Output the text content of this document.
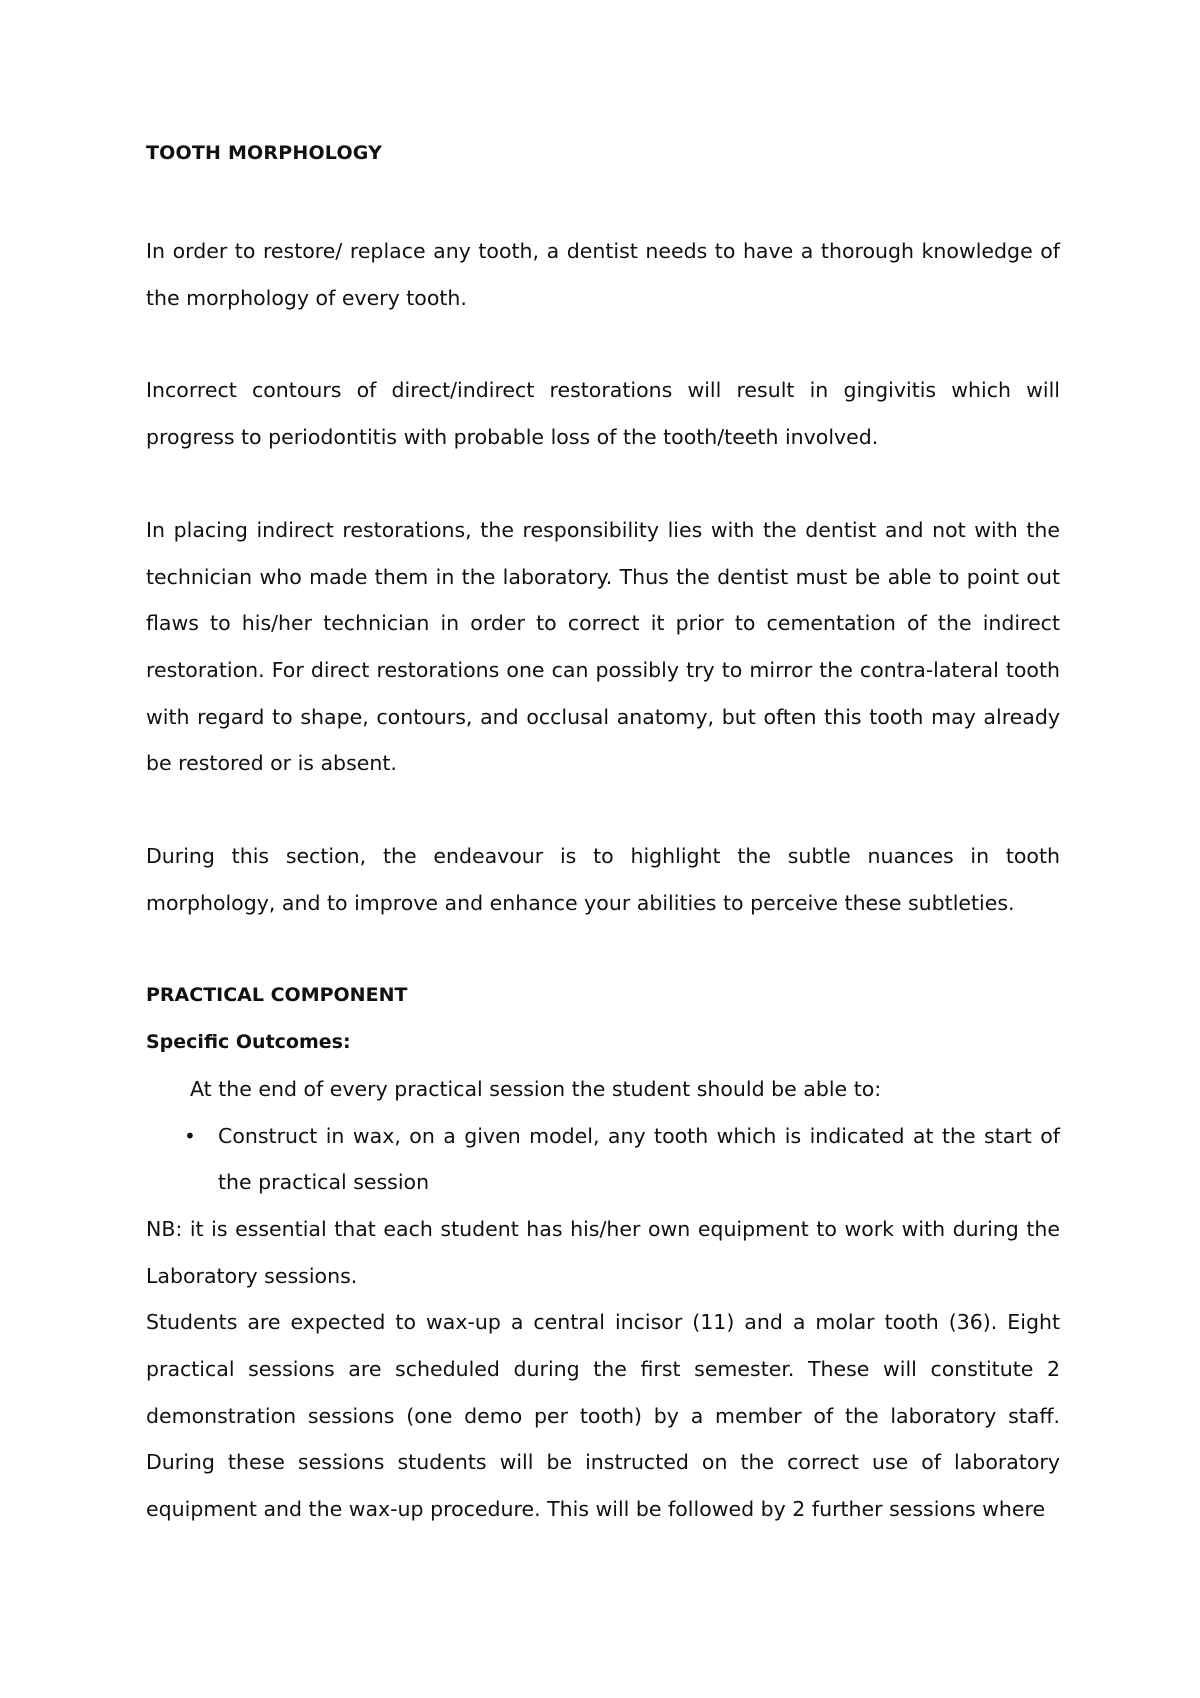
TOOTH MORPHOLOGY

In order to restore/ replace any tooth, a dentist needs to have a thorough knowledge of the morphology of every tooth.

Incorrect contours of direct/indirect restorations will result in gingivitis which will progress to periodontitis with probable loss of the tooth/teeth involved.

In placing indirect restorations, the responsibility lies with the dentist and not with the technician who made them in the laboratory. Thus the dentist must be able to point out flaws to his/her technician in order to correct it prior to cementation of the indirect restoration. For direct restorations one can possibly try to mirror the contra-lateral tooth with regard to shape, contours, and occlusal anatomy, but often this tooth may already be restored or is absent.

During this section, the endeavour is to highlight the subtle nuances in tooth morphology, and to improve and enhance your abilities to perceive these subtleties.

PRACTICAL COMPONENT
Specific Outcomes:

At the end of every practical session the student should be able to:

• Construct in wax, on a given model, any tooth which is indicated at the start of the practical session

NB: it is essential that each student has his/her own equipment to work with during the Laboratory sessions.

Students are expected to wax-up a central incisor (11) and a molar tooth (36). Eight practical sessions are scheduled during the first semester. These will constitute 2 demonstration sessions (one demo per tooth) by a member of the laboratory staff. During these sessions students will be instructed on the correct use of laboratory equipment and the wax-up procedure. This will be followed by 2 further sessions where
